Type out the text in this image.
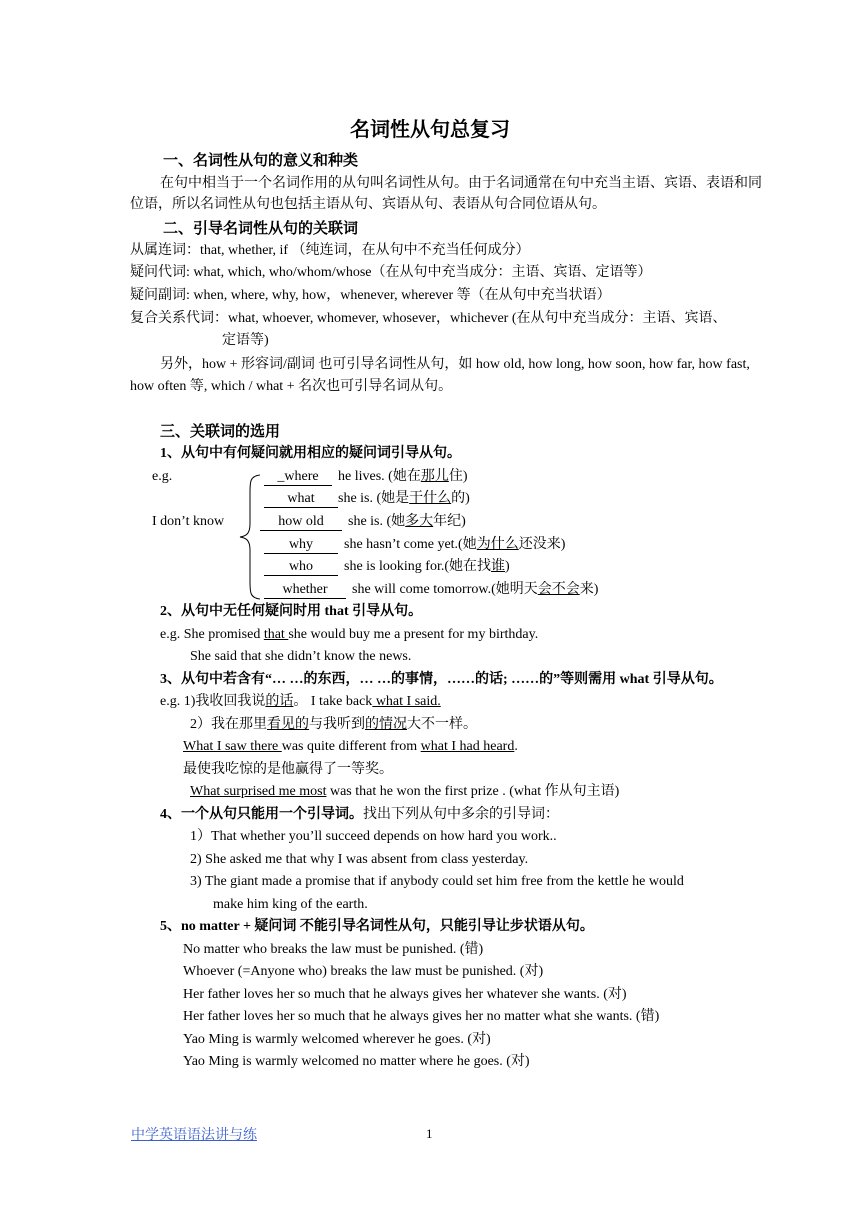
名词性从句总复习
一、名词性从句的意义和种类
在句中相当于一个名词作用的从句叫名词性从句。由于名词通常在句中充当主语、宾语、表语和同位语，所以名词性从句也包括主语从句、宾语从句、表语从句合同位语从句。
二、引导名词性从句的关联词
从属连词：that, whether, if （纯连词，在从句中不充当任何成分）
疑问代词: what, which, who/whom/whose（在从句中充当成分：主语、宾语、定语等）
疑问副词: when, where, why, how，whenever, wherever 等（在从句中充当状语）
复合关系代词：what, whoever, whomever, whosever，whichever (在从句中充当成分：主语、宾语、
定语等)
另外，how + 形容词/副词 也可引导名词性从句，如 how old, how long, how soon, how far, how fast, how often 等, which / what + 名次也可引导名词从句。
三、关联词的选用
1、从句中有何疑问就用相应的疑问词引导从句。
e.g.
I don’t know
_where he lives. (她在那儿住)
what she is. (她是干什么的)
how old she is. (她多大年纪)
why she hasn’t come yet.(她为什么还没来)
who she is looking for.(她在找谁)
whether she will come tomorrow.(她明天会不会来)
2、从句中无任何疑问时用 that 引导从句。
e.g. She promised that she would buy me a present for my birthday.
She said that she didn’t know the news.
3、从句中若含有“… …的东西，… …的事情，……的话; ……的”等则需用 what 引导从句。
e.g. 1)我收回我说的话。 I take back what I said.
2）我在那里看见的与我听到的情况大不一样。
What I saw there was quite different from what I had heard.
最使我吃惊的是他赢得了一等奖。
What surprised me most was that he won the first prize . (what 作从句主语)
4、一个从句只能用一个引导词。找出下列从句中多余的引导词：
1）That whether you’ll succeed depends on how hard you work..
2) She asked me that why I was absent from class yesterday.
3) The giant made a promise that if anybody could set him free from the kettle he would
make him king of the earth.
5、no matter + 疑问词 不能引导名词性从句，只能引导让步状语从句。
No matter who breaks the law must be punished. (错)
Whoever (=Anyone who) breaks the law must be punished. (对)
Her father loves her so much that he always gives her whatever she wants. (对)
Her father loves her so much that he always gives her no matter what she wants. (错)
Yao Ming is warmly welcomed wherever he goes. (对)
Yao Ming is warmly welcomed no matter where he goes. (对)
中学英语语法讲与练	1
